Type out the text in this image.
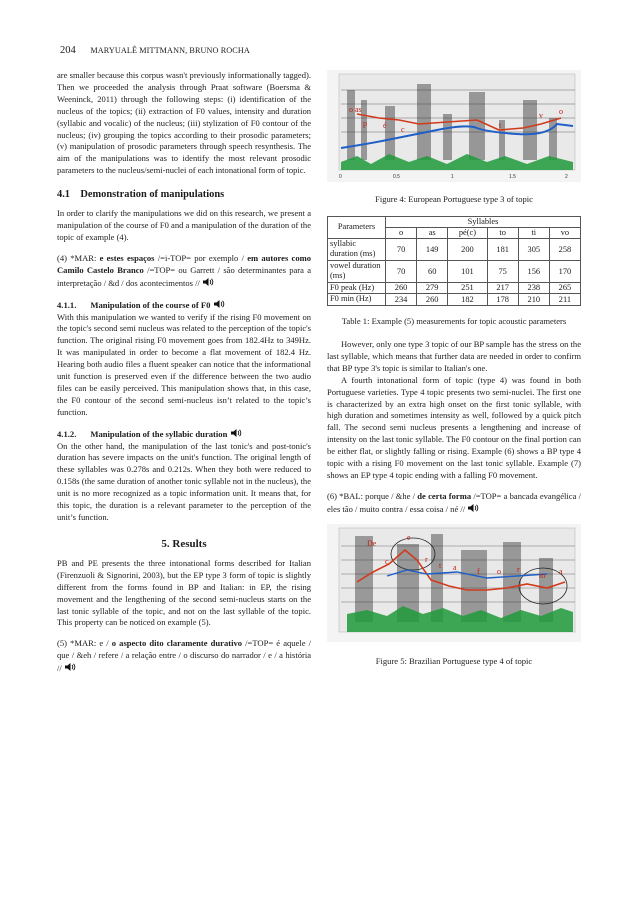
204 MARYUALÊ MITTMANN, BRUNO ROCHA

are smaller because this corpus wasn't previously informationally tagged). Then we proceeded the analysis through Praat software (Boersma & Weeninck, 2011) through the following steps: (i) identification of the nucleus of the topics; (ii) extraction of F0 values, intensity and duration (syllabic and vocalic) of the nucleus; (iii) stylization of F0 contour of the nucleus; (iv) grouping the topics according to their prosodic parameters; (v) manipulation of prosodic parameters through speech resynthesis. The aim of the manipulations was to identify the most relevant prosodic parameters to the nucleus/semi-nuclei of each intonational form of topic.

4.1 Demonstration of manipulations

In order to clarify the manipulations we did on this research, we present a manipulation of the course of F0 and a manipulation of the duration of the topic of example (4).

(4) *MAR: e estes espaços /=i-TOP= por exemplo / em autores como Camilo Castelo Branco /=TOP= ou Garrett / são determinantes para a interpretação / &d / dos acontecimentos //

4.1.1. Manipulation of the course of F0

With this manipulation we wanted to verify if the rising F0 movement on the topic's second semi nucleus was related to the perception of the topic's function. The original rising F0 movement goes from 182.4Hz to 349Hz. It was manipulated in order to become a flat movement of 182.4 Hz. Hearing both audio files a fluent speaker can notice that the informational unit function is preserved even if the difference between the two audio files can be easily perceived. This manipulation shows that, in this case, the F0 contour of the second semi-nucleus isn’t related to the topic’s function.

4.1.2. Manipulation of the syllabic duration

On the other hand, the manipulation of the last tonic's and post-tonic's duration has severe impacts on the unit's function. The original length of these syllables was 0.278s and 0.212s. When they both were reduced to 0.158s (the same duration of another tonic syllable not in the nucleus), the unit is no more recognized as a topic information unit. It means that, for this topic, the duration is a relevant parameter to the perception of the unit’s function.

5. Results

PB and PE presents the three intonational forms described for Italian (Firenzuoli & Signorini, 2003), but the EP type 3 form of topic is slightly different from the forms found in BP and Italian: in EP, the rising movement and the lengthening of the second semi-nucleus starts on the last tonic syllable of the topic, and not on the last syllable of the topic. This property can be noticed on example (5).

(5) *MAR: e / o aspecto dito claramente durativo /=TOP= é aquele / que / &eh / refere / a relação entre / o discurso do narrador / e / a história //

o as
p é c	t
v o
0	0.5	1	1.5	2

Figure 4: European Portuguese type 3 of topic

Parameters	Syllables					
	o	as	pé(c)	to	ti	vo
syllabic duration (ms)	70	149	200	181	305	258
vowel duration (ms)	70	60	101	75	156	170
F0 peak (Hz)	260	279	251	217	238	265
F0 min (Hz)	234	260	182	178	210	211

Table 1: Example (5) measurements for topic acoustic parameters

However, only one type 3 topic of our BP sample has the stress on the last syllable, which means that further data are needed in order to confirm that BP type 3's topic is similar to Italian's one.

A fourth intonational form of topic (type 4) was found in both Portuguese varieties. Type 4 topic presents two semi-nuclei. The first one is characterized by an extra high onset on the first tonic syllable, with high duration and sometimes intensity as well, followed by a quick pitch fall. The second semi nucleus presents a lengthening and increase of intensity on the last tonic syllable. The F0 contour on the final portion can be either flat, or slightly falling or rising. Example (6) shows a BP type 4 topic with a rising F0 movement on the last tonic syllable. Example (7) shows an EP type 4 topic ending with a falling F0 movement.

(6) *BAL: porque / &he / de certa forma /=TOP= a bancada evangélica / eles tão / muito contra / essa coisa / né //

De
c
e
r
t a	f o r
m a

Figure 5: Brazilian Portuguese type 4 of topic
